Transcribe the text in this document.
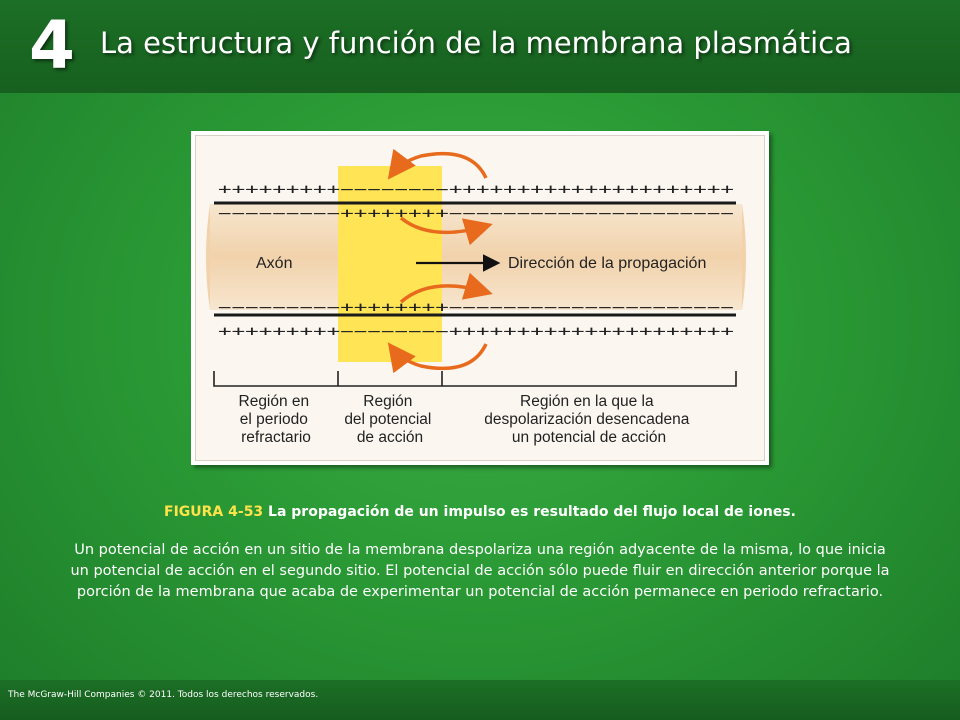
4 La estructura y función de la membrana plasmática
+++++++++−−−−−−−−+++++++++++++++++++++
−−−−−−−−−++++++++−−−−−−−−−−−−−−−−−−−−−
−−−−−−−−−++++++++−−−−−−−−−−−−−−−−−−−−−
+++++++++−−−−−−−−+++++++++++++++++++++
Axón	Dirección de la propagación
Región en el periodo refractario
Región del potencial de acción
Región en la que la despolarización desencadena un potencial de acción
FIGURA 4-53 La propagación de un impulso es resultado del flujo local de iones.
Un potencial de acción en un sitio de la membrana despolariza una región adyacente de la misma, lo que inicia un potencial de acción en el segundo sitio. El potencial de acción sólo puede fluir en dirección anterior porque la porción de la membrana que acaba de experimentar un potencial de acción permanece en periodo refractario.
The McGraw-Hill Companies © 2011. Todos los derechos reservados.
